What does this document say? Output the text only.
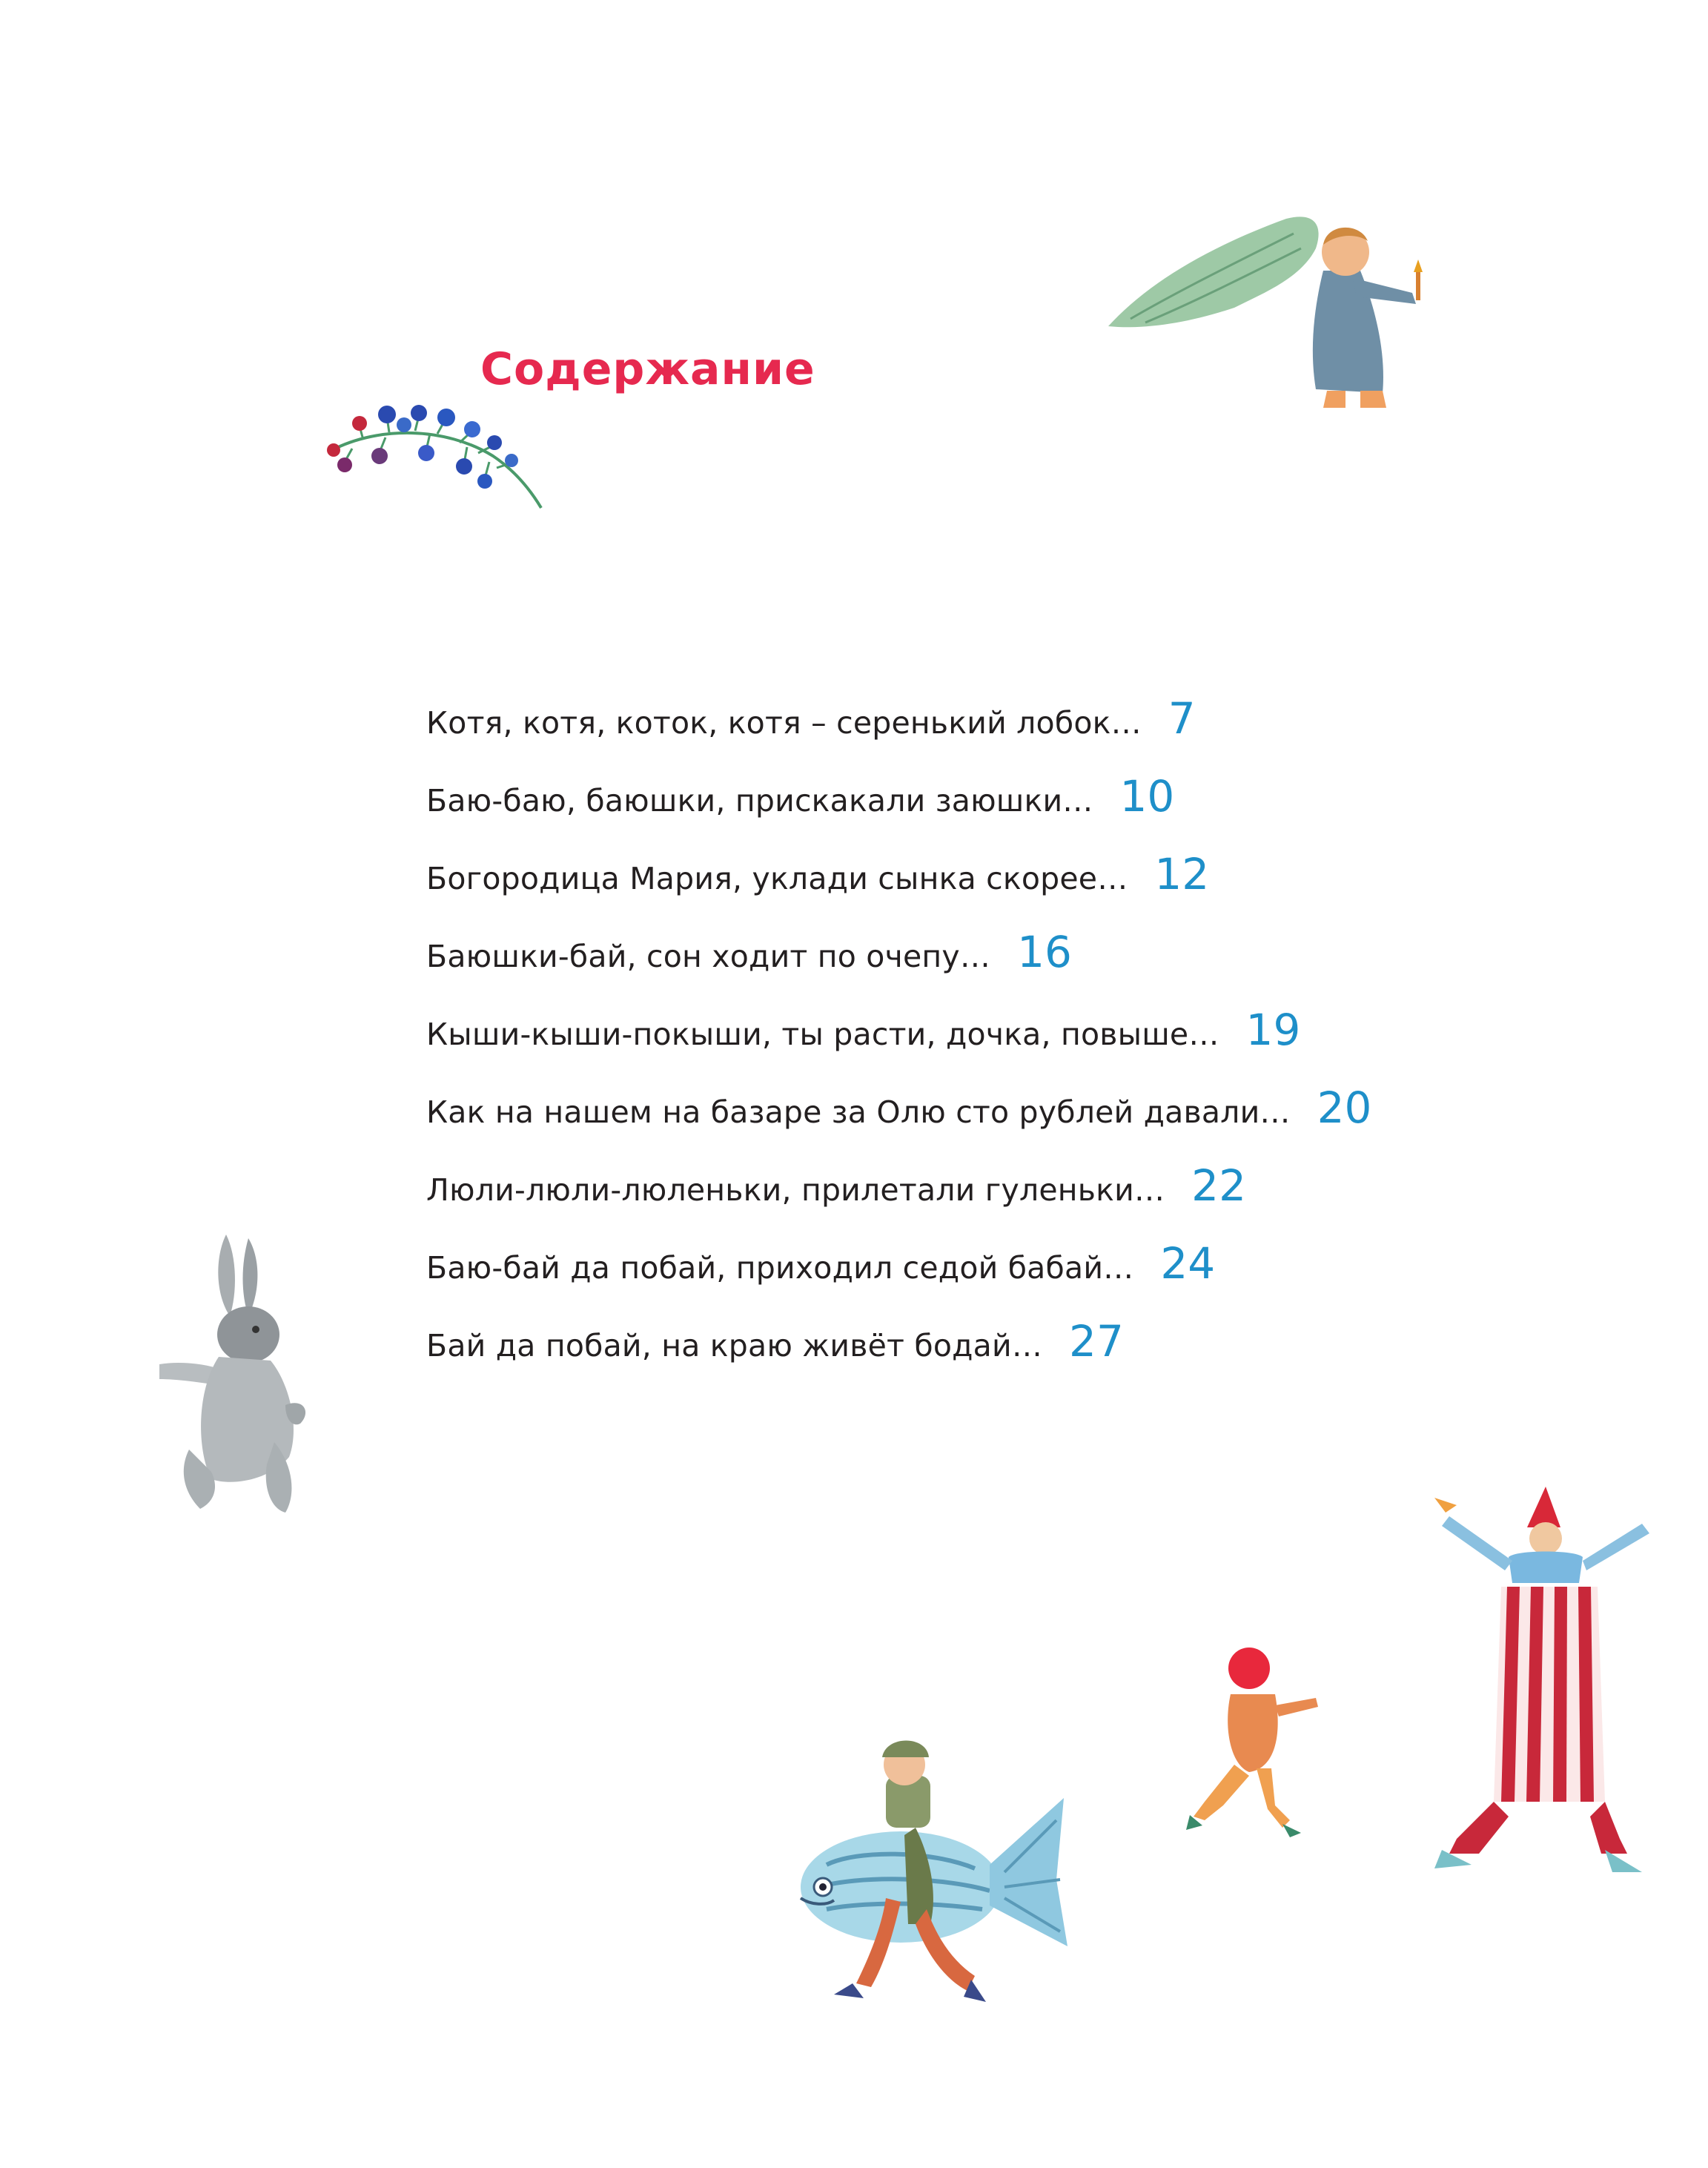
Содержание
Котя, котя, коток, котя – серенький лобок… 7
Баю-баю, баюшки, прискакали заюшки… 10
Богородица Мария, уклади сынка скорее… 12
Баюшки-бай, сон ходит по очепу… 16
Кыши-кыши-покыши, ты расти, дочка, повыше… 19
Как на нашем на базаре за Олю сто рублей давали… 20
Люли-люли-люленьки, прилетали гуленьки… 22
Баю-бай да побай, приходил седой бабай… 24
Бай да побай, на краю живёт бодай… 27
